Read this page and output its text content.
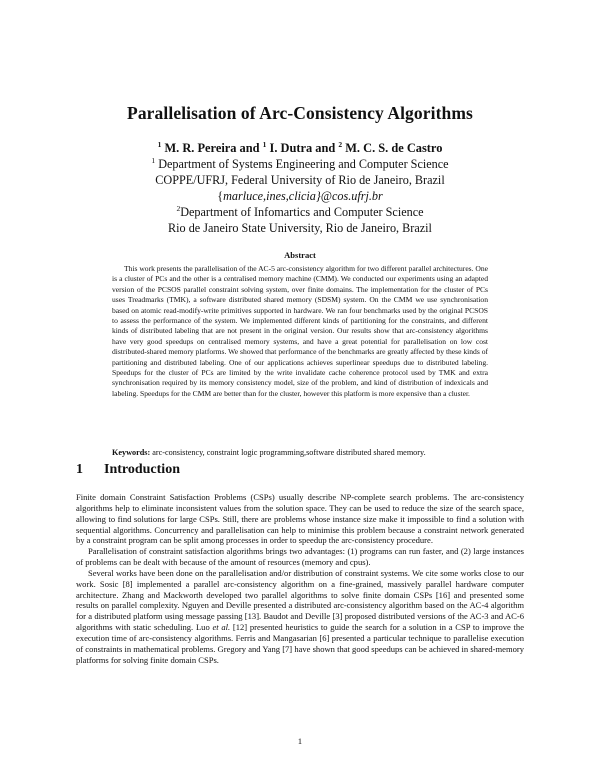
Parallelisation of Arc-Consistency Algorithms
$^1$ M. R. Pereira and $^1$ I. Dutra and $^2$ M. C. S. de Castro
$^1$ Department of Systems Engineering and Computer Science
COPPE/UFRJ, Federal University of Rio de Janeiro, Brazil
{marluce,ines,clicia}@cos.ufrj.br
$^2$Department of Infomartics and Computer Science
Rio de Janeiro State University, Rio de Janeiro, Brazil
Abstract
This work presents the parallelisation of the AC-5 arc-consistency algorithm for two different parallel architectures. One is a cluster of PCs and the other is a centralised memory machine (CMM). We conducted our experiments using an adapted version of the PCSOS parallel constraint solving system, over finite domains. The implementation for the cluster of PCs uses Treadmarks (TMK), a software distributed shared memory (SDSM) system. On the CMM we use synchronisation based on atomic read-modify-write primitives supported in hardware. We ran four benchmarks used by the original PCSOS to assess the performance of the system. We implemented different kinds of partitioning for the constraints, and different kinds of distributed labeling that are not present in the original version. Our results show that arc-consistency algorithms have very good speedups on centralised memory systems, and have a great potential for parallelisation on low cost distributed-shared memory platforms. We showed that performance of the benchmarks are greatly affected by these kinds of partitioning and distributed labeling. One of our applications achieves superlinear speedups due to distributed labeling. Speedups for the cluster of PCs are limited by the write invalidate cache coherence protocol used by TMK and extra synchronisation required by its memory consistency model, size of the problem, and kind of distribution of indexicals and labeling. Speedups for the CMM are better than for the cluster, however this platform is more expensive than a cluster.
Keywords: arc-consistency, constraint logic programming,software distributed shared memory.
1 Introduction

Finite domain Constraint Satisfaction Problems (CSPs) usually describe NP-complete search problems. The arc-consistency algorithms help to eliminate inconsistent values from the solution space. They can be used to reduce the size of the search space, allowing to find solutions for large CSPs. Still, there are problems whose instance size make it impossible to find a solution with sequential algorithms. Concurrency and parallelisation can help to minimise this problem because a constraint network generated by a constraint program can be split among processes in order to speedup the arc-consistency procedure.

Parallelisation of constraint satisfaction algorithms brings two advantages: (1) programs can run faster, and (2) large instances of problems can be dealt with because of the amount of resources (memory and cpus).

Several works have been done on the parallelisation and/or distribution of constraint systems. We cite some works close to our work. Sosic [8] implemented a parallel arc-consistency algorithm on a fine-grained, massively parallel hardware computer architecture. Zhang and Mackworth developed two parallel algorithms to solve finite domain CSPs [16] and presented some results on parallel complexity. Nguyen and Deville presented a distributed arc-consistency algorithm based on the AC-4 algorithm for a distributed platform using message passing [13]. Baudot and Deville [3] proposed distributed versions of the AC-3 and AC-6 algorithms with static scheduling. Luo et al. [12] presented heuristics to guide the search for a solution in a CSP to improve the execution time of arc-consistency algorithms. Ferris and Mangasarian [6] presented a particular technique to parallelise execution of constraints in mathematical problems. Gregory and Yang [7] have shown that good speedups can be achieved in shared-memory platforms for solving finite domain CSPs.

1
